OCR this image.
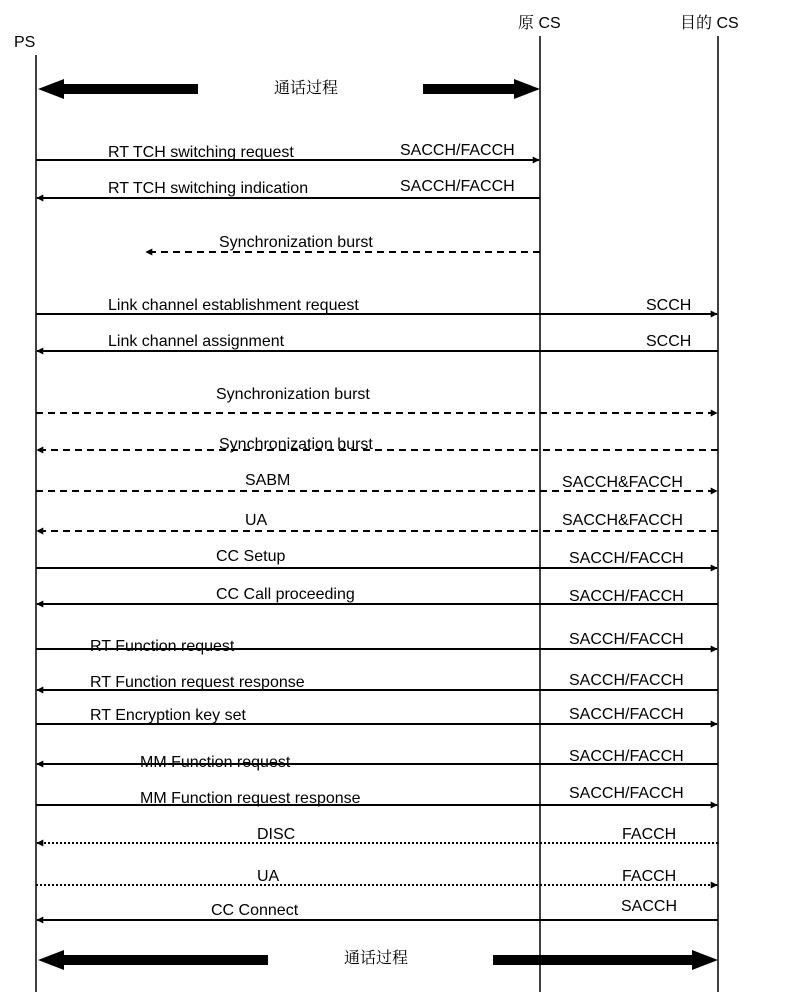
PS
原 CS	目的 CS
通话过程
RT TCH switching request	SACCH/FACCH
RT TCH switching indication	SACCH/FACCH
Synchronization burst
Link channel establishment request	SCCH
Link channel assignment	SCCH
Synchronization burst
Synchronization burst
SABM	SACCH&FACCH
UA	SACCH&FACCH
CC Setup	SACCH/FACCH
CC Call proceeding	SACCH/FACCH
RT Function request	SACCH/FACCH
RT Function request response	SACCH/FACCH
RT Encryption key set	SACCH/FACCH
MM Function request	SACCH/FACCH
MM Function request response	SACCH/FACCH
DISC	FACCH
UA	FACCH
CC Connect	SACCH
通话过程
